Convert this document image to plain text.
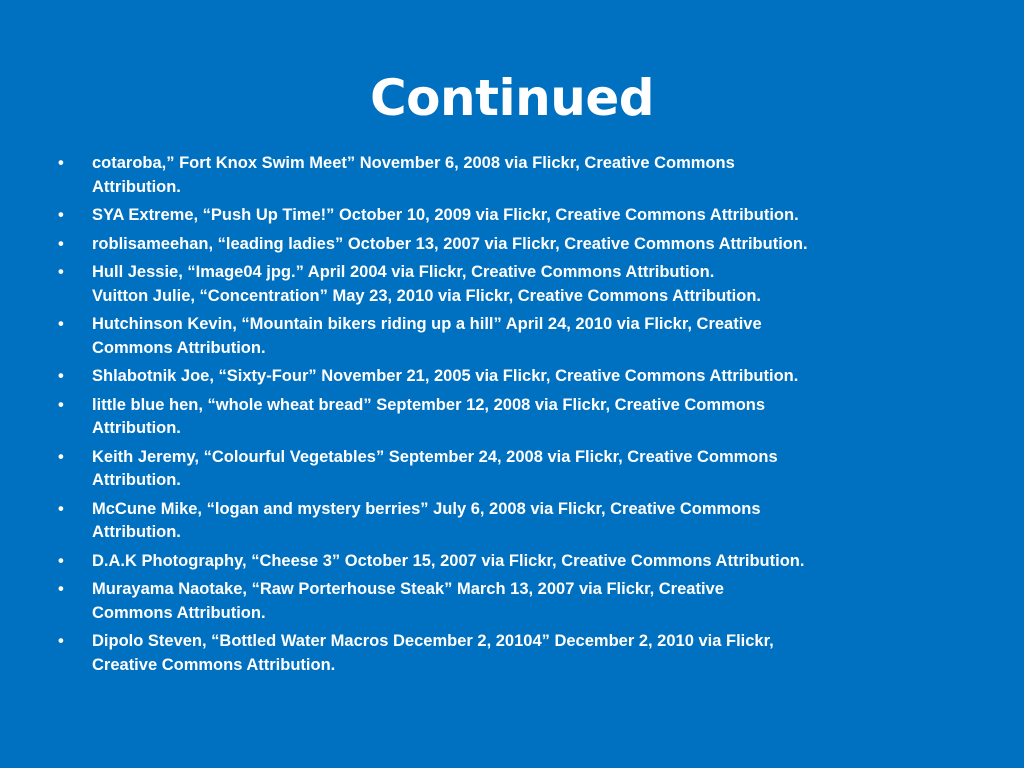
Continued
•	cotaroba,” Fort Knox Swim Meet” November 6, 2008 via Flickr, Creative Commons
Attribution.
•	SYA Extreme, “Push Up Time!” October 10, 2009 via Flickr, Creative Commons Attribution.
•	roblisameehan, “leading ladies” October 13, 2007 via Flickr, Creative Commons Attribution.
•	Hull Jessie, “Image04 jpg.” April 2004 via Flickr, Creative Commons Attribution.
Vuitton Julie, “Concentration” May 23, 2010 via Flickr, Creative Commons Attribution.
•	Hutchinson Kevin, “Mountain bikers riding up a hill” April 24, 2010 via Flickr, Creative
Commons Attribution.
•	Shlabotnik Joe, “Sixty-Four” November 21, 2005 via Flickr, Creative Commons Attribution.
•	little blue hen, “whole wheat bread” September 12, 2008 via Flickr, Creative Commons
Attribution.
•	Keith Jeremy, “Colourful Vegetables” September 24, 2008 via Flickr, Creative Commons
Attribution.
•	McCune Mike, “logan and mystery berries” July 6, 2008 via Flickr, Creative Commons
Attribution.
•	D.A.K Photography, “Cheese 3” October 15, 2007 via Flickr, Creative Commons Attribution.
•	Murayama Naotake, “Raw Porterhouse Steak” March 13, 2007 via Flickr, Creative
Commons Attribution.
•	Dipolo Steven, “Bottled Water Macros December 2, 20104” December 2, 2010 via Flickr,
Creative Commons Attribution.
